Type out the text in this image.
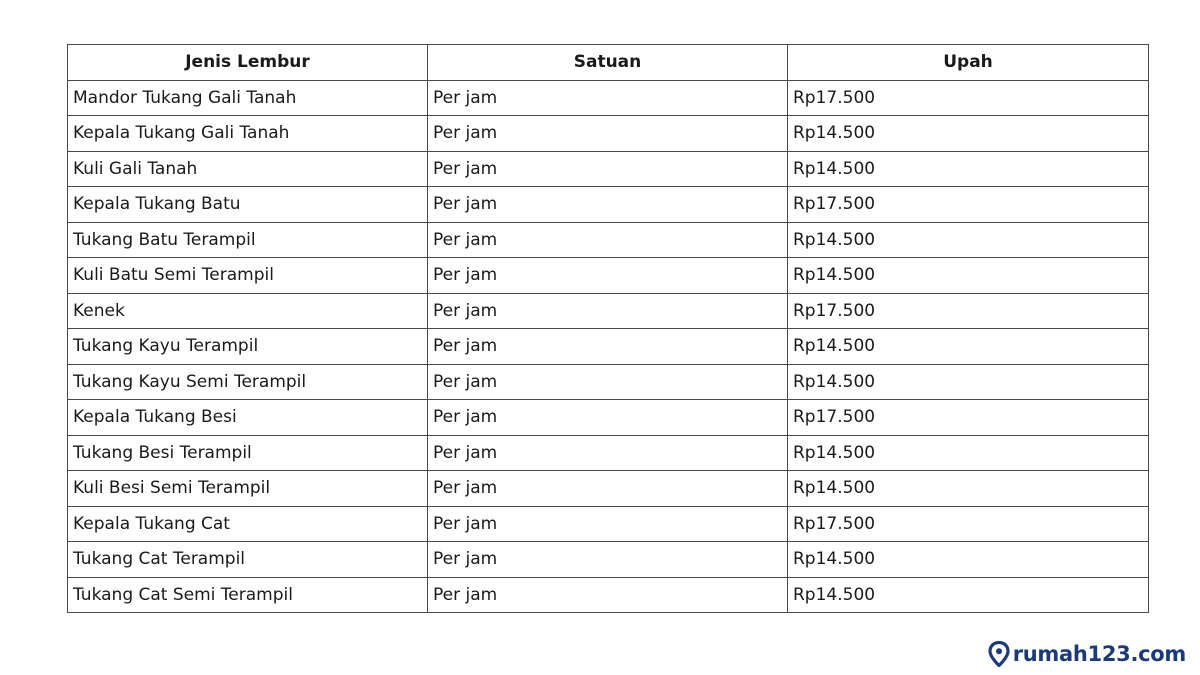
Jenis Lembur	Satuan	Upah
Mandor Tukang Gali Tanah	Per jam	Rp17.500
Kepala Tukang Gali Tanah	Per jam	Rp14.500
Kuli Gali Tanah	Per jam	Rp14.500
Kepala Tukang Batu	Per jam	Rp17.500
Tukang Batu Terampil	Per jam	Rp14.500
Kuli Batu Semi Terampil	Per jam	Rp14.500
Kenek	Per jam	Rp17.500
Tukang Kayu Terampil	Per jam	Rp14.500
Tukang Kayu Semi Terampil	Per jam	Rp14.500
Kepala Tukang Besi	Per jam	Rp17.500
Tukang Besi Terampil	Per jam	Rp14.500
Kuli Besi Semi Terampil	Per jam	Rp14.500
Kepala Tukang Cat	Per jam	Rp17.500
Tukang Cat Terampil	Per jam	Rp14.500
Tukang Cat Semi Terampil	Per jam	Rp14.500
rumah123.com
